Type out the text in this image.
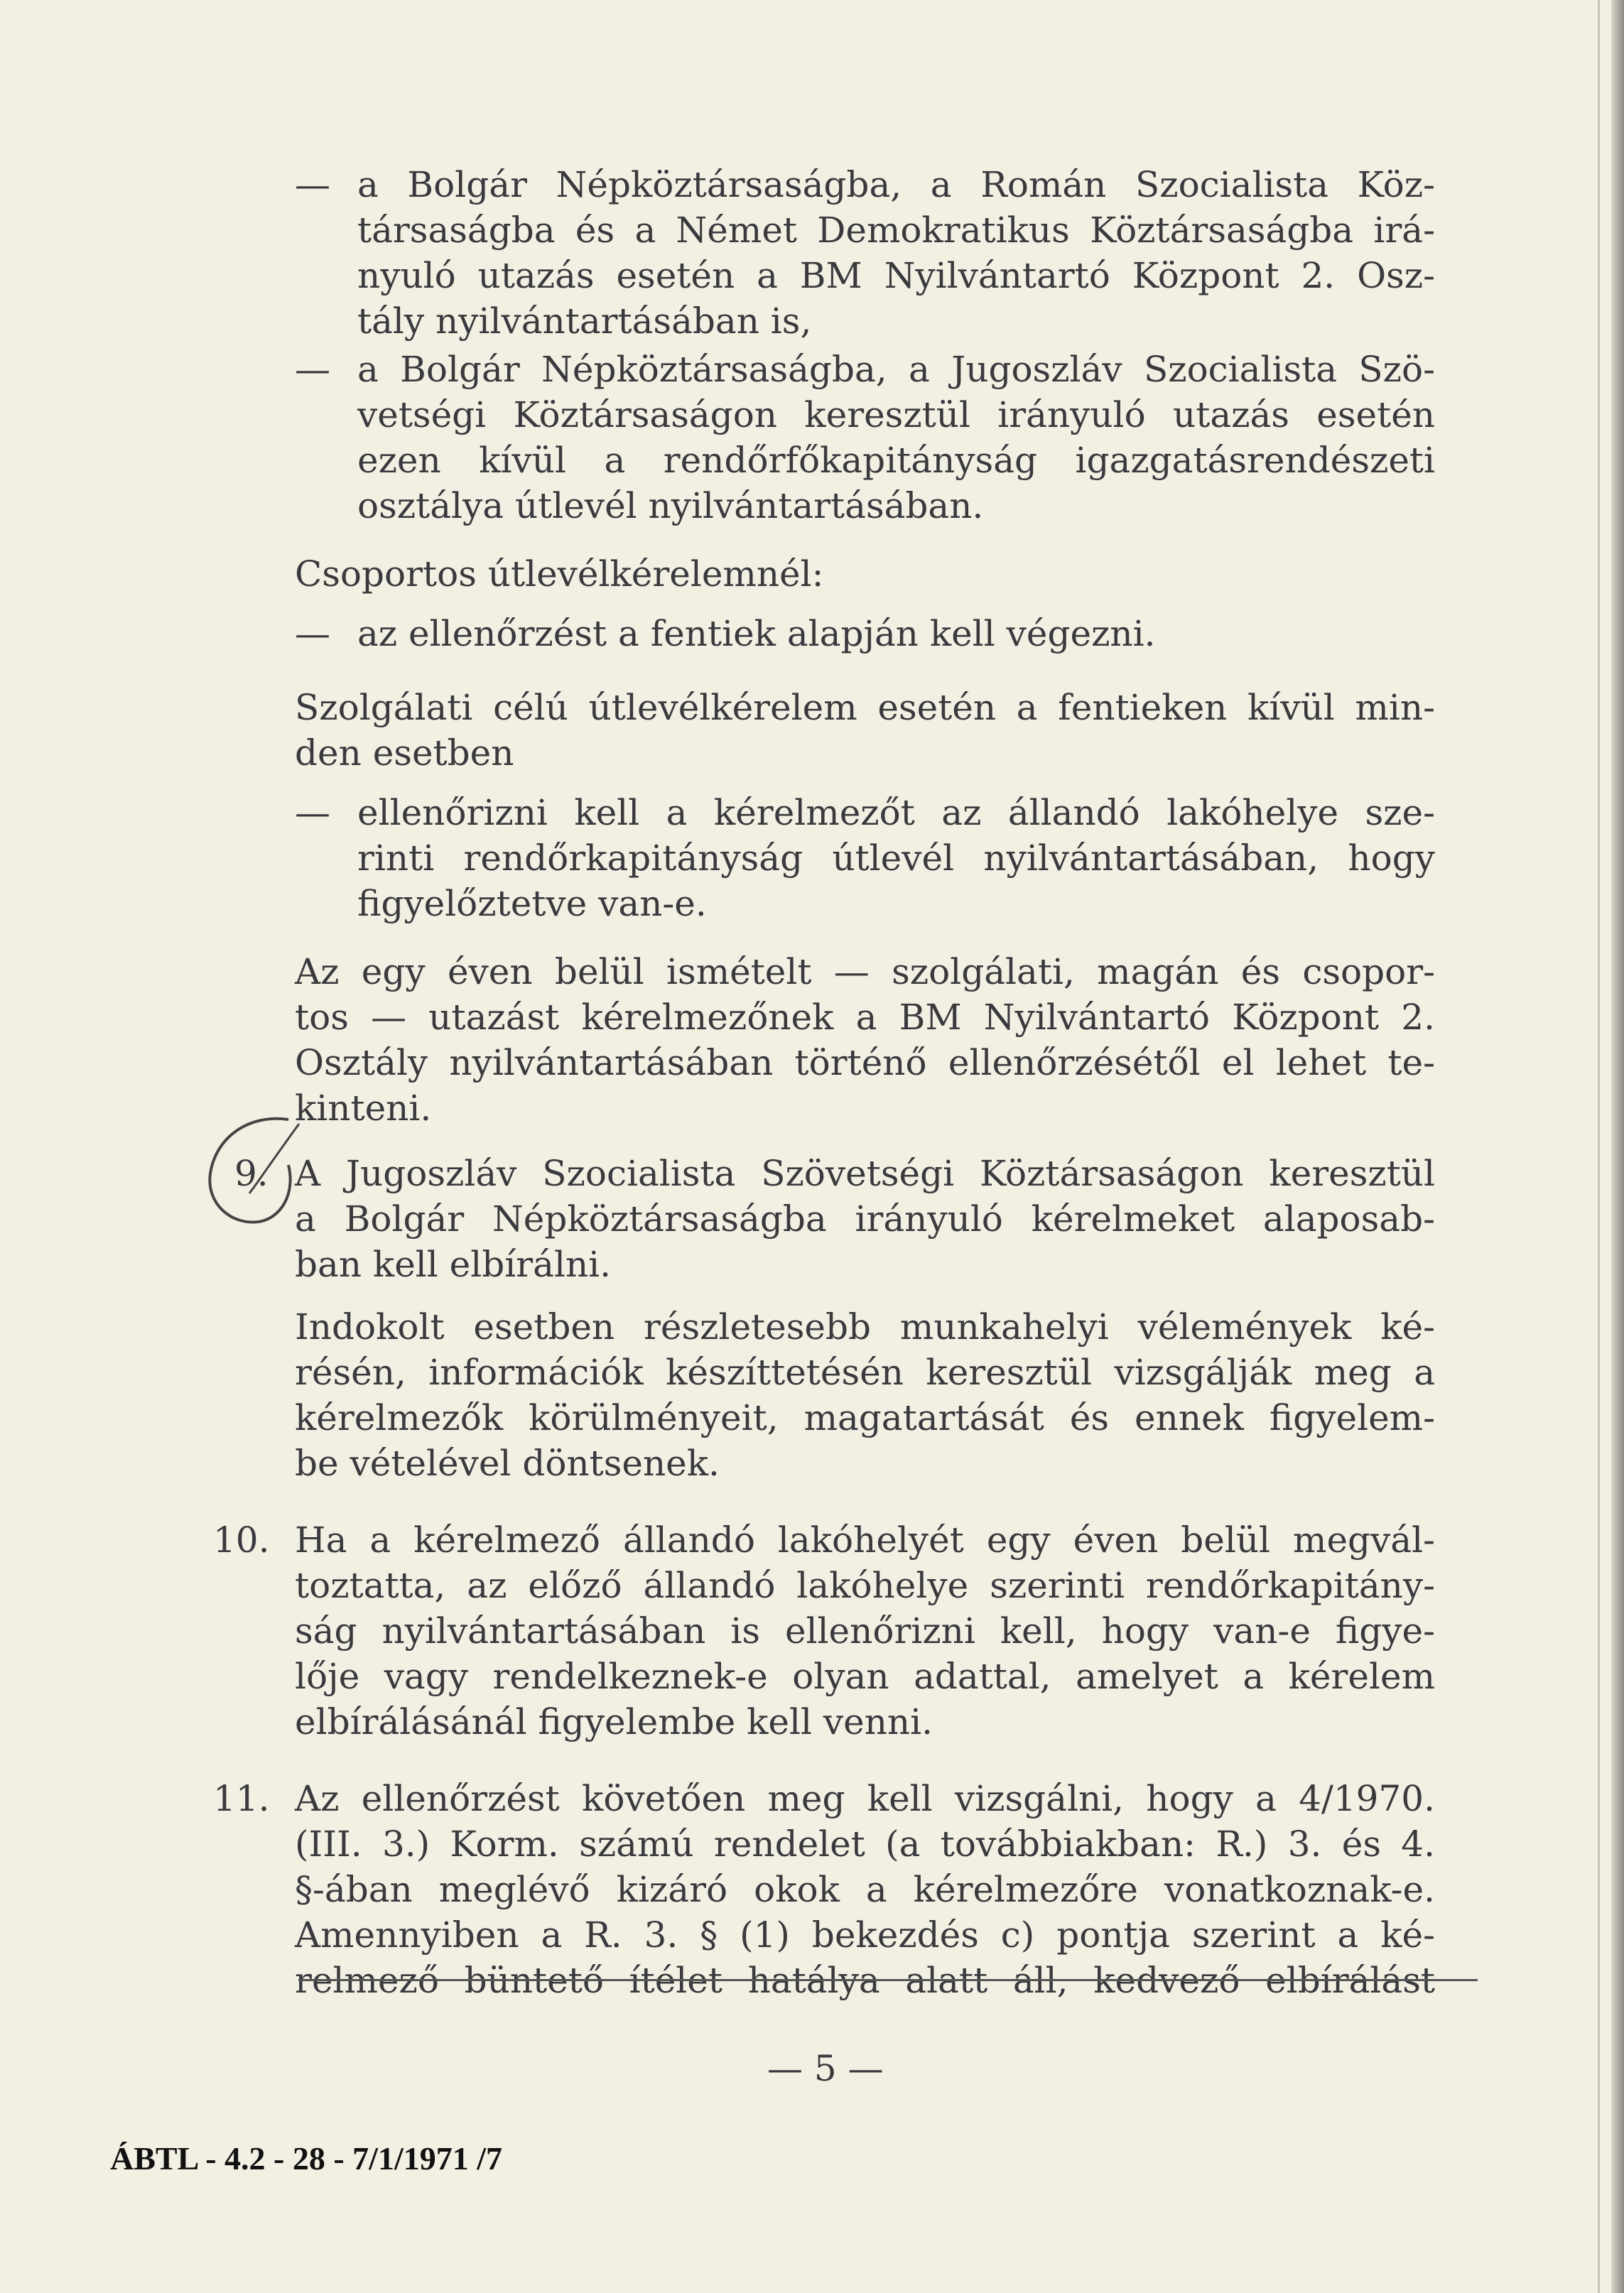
— a Bolgár Népköztársaságba, a Román Szocialista Köz-
társaságba és a Német Demokratikus Köztársaságba irá-
nyuló utazás esetén a BM Nyilvántartó Központ 2. Osz-
tály nyilvántartásában is,
— a Bolgár Népköztársaságba, a Jugoszláv Szocialista Szö-
vetségi Köztársaságon keresztül irányuló utazás esetén
ezen kívül a rendőrfőkapitányság igazgatásrendészeti
osztálya útlevél nyilvántartásában.
Csoportos útlevélkérelemnél:
— az ellenőrzést a fentiek alapján kell végezni.
Szolgálati célú útlevélkérelem esetén a fentieken kívül min-
den esetben
— ellenőrizni kell a kérelmezőt az állandó lakóhelye sze-
rinti rendőrkapitányság útlevél nyilvántartásában, hogy
figyelőztetve van-e.
Az egy éven belül ismételt — szolgálati, magán és csopor-
tos — utazást kérelmezőnek a BM Nyilvántartó Központ 2.
Osztály nyilvántartásában történő ellenőrzésétől el lehet te-
kinteni.
9. A Jugoszláv Szocialista Szövetségi Köztársaságon keresztül
a Bolgár Népköztársaságba irányuló kérelmeket alaposab-
ban kell elbírálni.
Indokolt esetben részletesebb munkahelyi vélemények ké-
résén, információk készíttetésén keresztül vizsgálják meg a
kérelmezők körülményeit, magatartását és ennek figyelem-
be vételével döntsenek.
10. Ha a kérelmező állandó lakóhelyét egy éven belül megvál-
toztatta, az előző állandó lakóhelye szerinti rendőrkapitány-
ság nyilvántartásában is ellenőrizni kell, hogy van-e figye-
lője vagy rendelkeznek-e olyan adattal, amelyet a kérelem
elbírálásánál figyelembe kell venni.
11. Az ellenőrzést követően meg kell vizsgálni, hogy a 4/1970.
(III. 3.) Korm. számú rendelet (a továbbiakban: R.) 3. és 4.
§-ában meglévő kizáró okok a kérelmezőre vonatkoznak-e.
Amennyiben a R. 3. § (1) bekezdés c) pontja szerint a ké-
relmező büntető ítélet hatálya alatt áll, kedvező elbírálást
— 5 —
ÁBTL - 4.2 - 28 - 7/1/1971 /7
